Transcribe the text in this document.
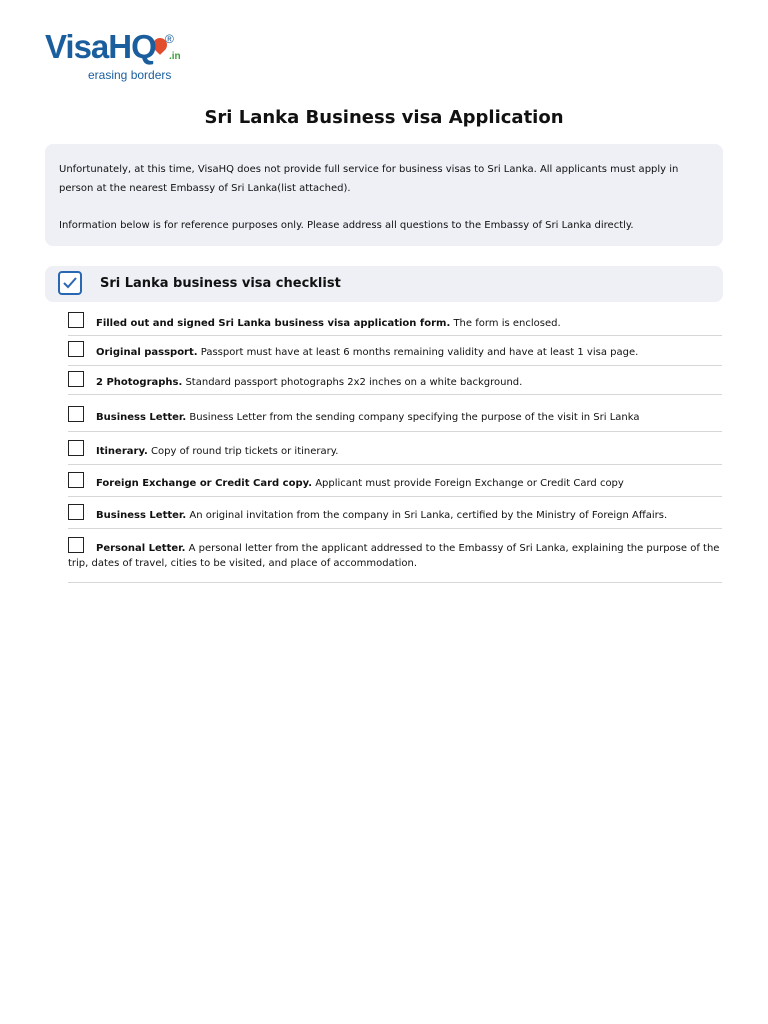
VisaHQ ®
.in
erasing borders
Sri Lanka Business visa Application

Unfortunately, at this time, VisaHQ does not provide full service for business visas to Sri Lanka. All applicants must apply in person at the nearest Embassy of Sri Lanka(list attached).

Information below is for reference purposes only. Please address all questions to the Embassy of Sri Lanka directly.

Sri Lanka business visa checklist
Filled out and signed Sri Lanka business visa application form. The form is enclosed.
Original passport. Passport must have at least 6 months remaining validity and have at least 1 visa page.
2 Photographs. Standard passport photographs 2x2 inches on a white background.
Business Letter. Business Letter from the sending company specifying the purpose of the visit in Sri Lanka
Itinerary. Copy of round trip tickets or itinerary.
Foreign Exchange or Credit Card copy. Applicant must provide Foreign Exchange or Credit Card copy
Business Letter. An original invitation from the company in Sri Lanka, certified by the Ministry of Foreign Affairs.
Personal Letter. A personal letter from the applicant addressed to the Embassy of Sri Lanka, explaining the purpose of the trip, dates of travel, cities to be visited, and place of accommodation.
